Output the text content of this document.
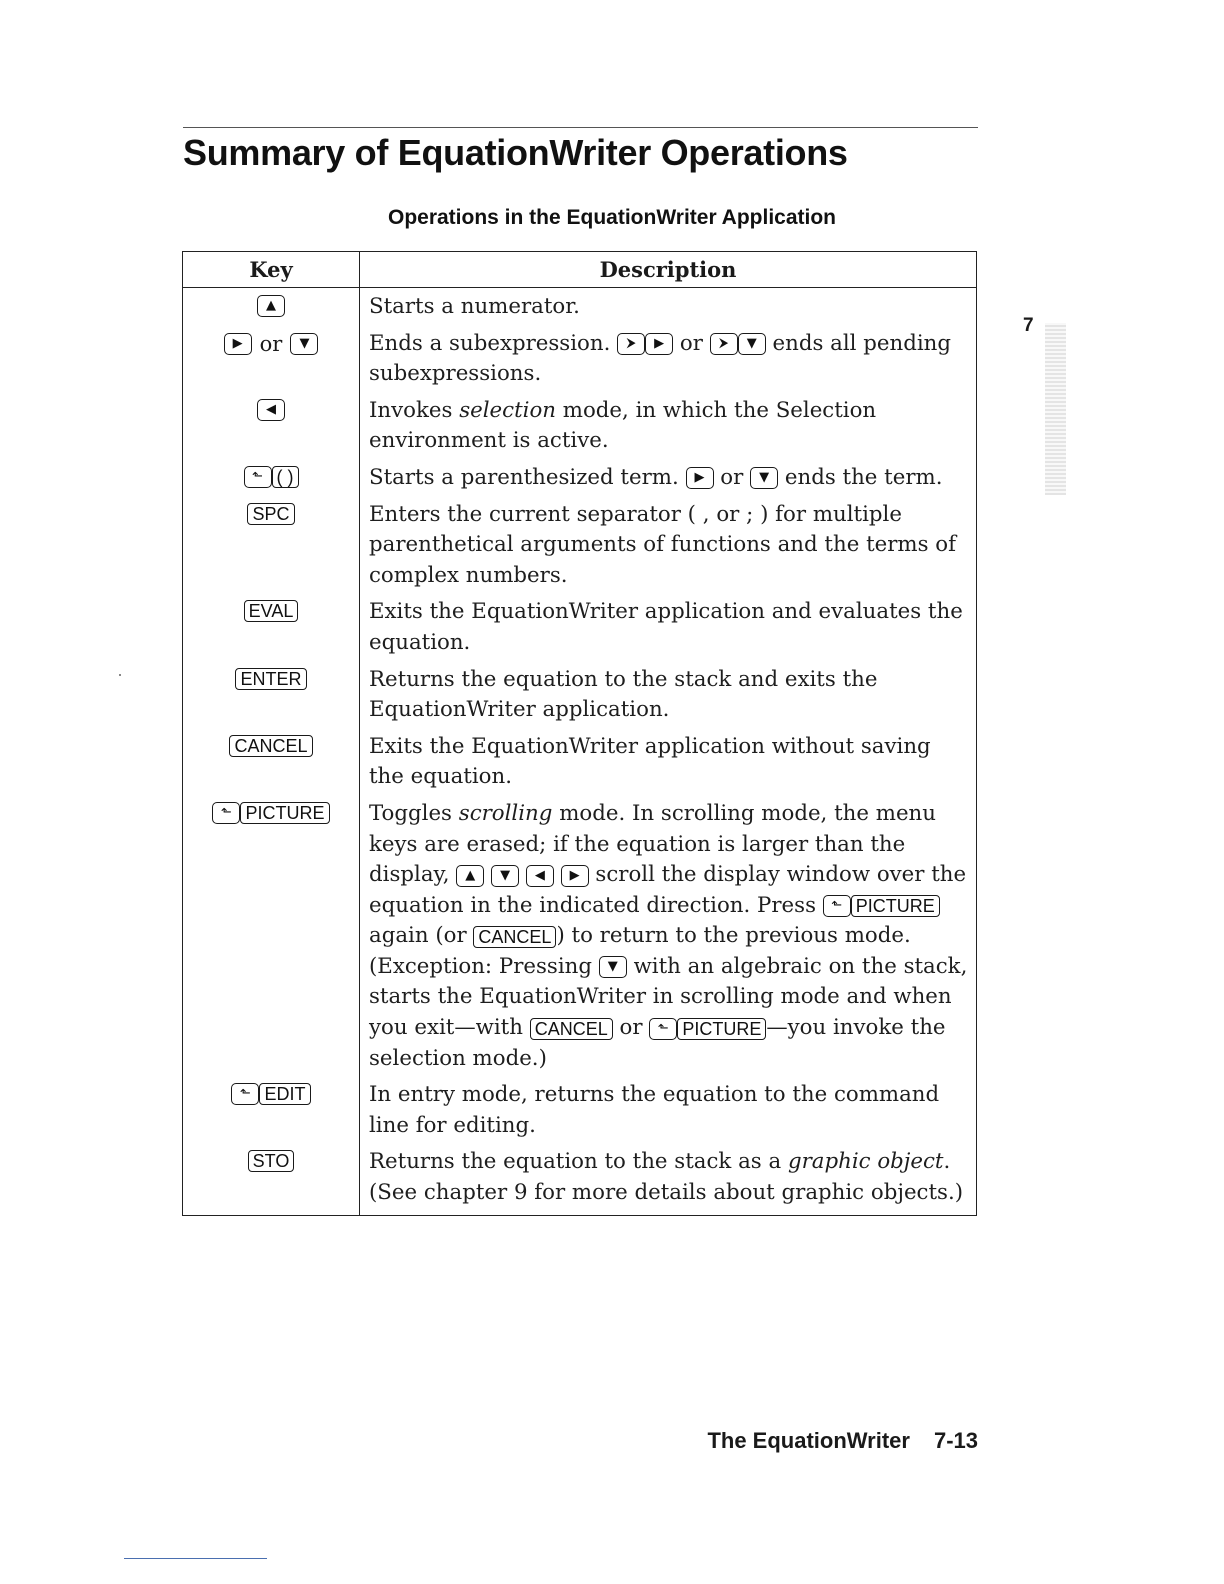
Summary of EquationWriter Operations
Operations in the EquationWriter Application
7
Key	Description
▲	Starts a numerator.
▶ or ▼	Ends a subexpression. ⮞ ▶ or ⮞ ▼ ends all pending subexpressions.
◀	Invokes selection mode, in which the Selection environment is active.
⬑ ( )	Starts a parenthesized term. ▶ or ▼ ends the term.
SPC	Enters the current separator ( , or ; ) for multiple parenthetical arguments of functions and the terms of complex numbers.
EVAL	Exits the EquationWriter application and evaluates the equation.
ENTER	Returns the equation to the stack and exits the EquationWriter application.
CANCEL	Exits the EquationWriter application without saving the equation.
⬑ PICTURE	Toggles scrolling mode. In scrolling mode, the menu keys are erased; if the equation is larger than the display, ▲ ▼ ◀ ▶ scroll the display window over the equation in the indicated direction. Press ⬑ PICTURE again (or CANCEL ) to return to the previous mode. (Exception: Pressing ▼ with an algebraic on the stack, starts the EquationWriter in scrolling mode and when you exit—with CANCEL or ⬑ PICTURE —you invoke the selection mode.)
⬑ EDIT	In entry mode, returns the equation to the command line for editing.
STO	Returns the equation to the stack as a graphic object. (See chapter 9 for more details about graphic objects.)
The EquationWriter 7-13
